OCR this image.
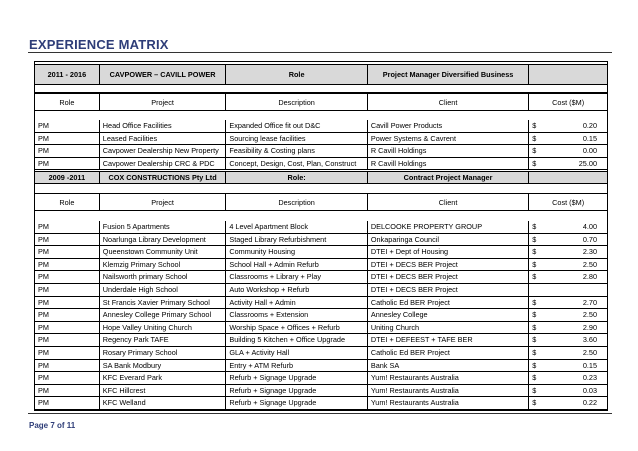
EXPERIENCE MATRIX
2011 - 2016	CAVPOWER – CAVILL POWER	Role	Project Manager Diversified Business
Role	Project	Description	Client	Cost ($M)
PM	Head Office Facilities	Expanded Office fit out D&C	Cavill Power Products	$	0.20
PM	Leased Facilities	Sourcing lease facilities	Power Systems & Cavrent	$	0.15
PM	Cavpower Dealership New Property	Feasibility & Costing plans	R Cavill Holdings	$	0.00
PM	Cavpower Dealership CRC & PDC	Concept, Design, Cost, Plan, Construct	R Cavill Holdings	$	25.00
2009 -2011	COX CONSTRUCTIONS Pty Ltd	Role:	Contract Project Manager
Role	Project	Description	Client	Cost ($M)
PM	Fusion 5 Apartments	4 Level Apartment Block	DELCOOKE PROPERTY GROUP	$	4.00
PM	Noarlunga Library Development	Staged Library Refurbishment	Onkaparinga Council	$	0.70
PM	Queenstown Community Unit	Community Housing	DTEI + Dept of Housing	$	2.30
PM	Klemzig Primary School	School Hall + Admin Refurb	DTEI + DECS BER Project	$	2.50
PM	Nailsworth primary School	Classrooms + Library + Play	DTEI + DECS BER Project	$	2.80
PM	Underdale High School	Auto Workshop + Refurb	DTEI + DECS BER Project
PM	St Francis Xavier Primary School	Activity Hall + Admin	Catholic Ed BER Project	$	2.70
PM	Annesley College Primary School	Classrooms + Extension	Annesley College	$	2.50
PM	Hope Valley Uniting Church	Worship Space + Offices + Refurb	Uniting Church	$	2.90
PM	Regency Park TAFE	Building 5 Kitchen + Office Upgrade	DTEI + DEFEEST + TAFE BER	$	3.60
PM	Rosary Primary School	GLA + Activity Hall	Catholic Ed BER Project	$	2.50
PM	SA Bank Modbury	Entry + ATM Refurb	Bank SA	$	0.15
PM	KFC Everard Park	Refurb + Signage Upgrade	Yum! Restaurants Australia	$	0.23
PM	KFC Hillcrest	Refurb + Signage Upgrade	Yum! Restaurants Australia	$	0.03
PM	KFC Welland	Refurb + Signage Upgrade	Yum! Restaurants Australia	$	0.22
Page 7 of 11
